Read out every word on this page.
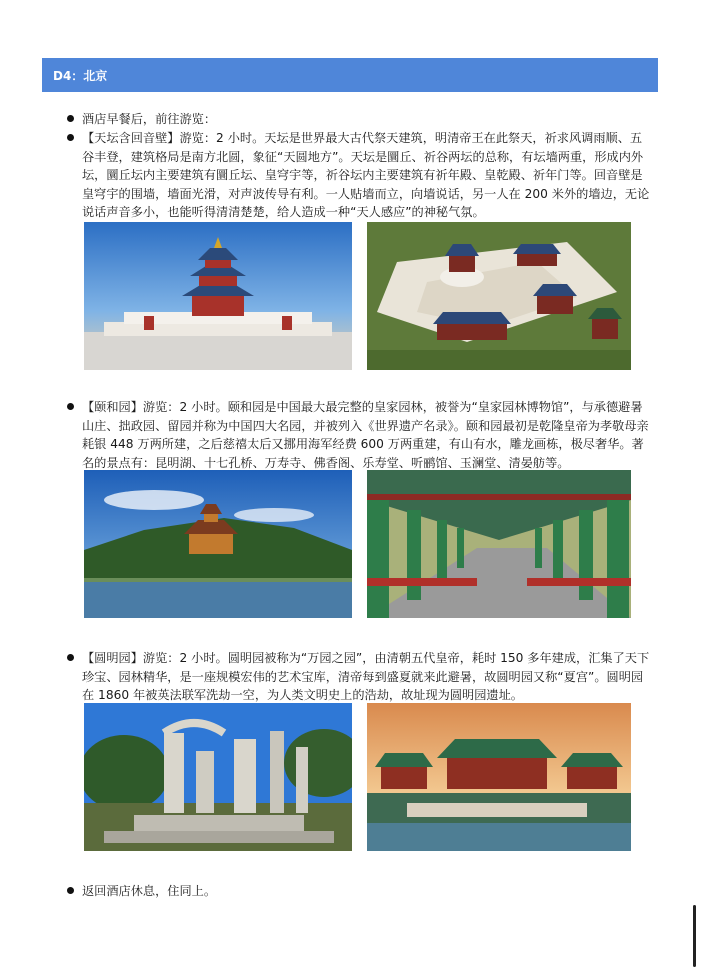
D4：北京
酒店早餐后，前往游览：
【天坛含回音壁】游览：2 小时。天坛是世界最大古代祭天建筑，明清帝王在此祭天，祈求风调雨顺、五谷丰登，建筑格局是南方北圆，象征“天圆地方”。天坛是圜丘、祈谷两坛的总称，有坛墙两重，形成内外坛，圜丘坛内主要建筑有圜丘坛、皇穹宇等，祈谷坛内主要建筑有祈年殿、皇乾殿、祈年门等。回音壁是皇穹宇的围墙，墙面光滑，对声波传导有利。一人贴墙而立，向墙说话，另一人在 200 米外的墙边，无论说话声音多小，也能听得清清楚楚，给人造成一种“天人感应”的神秘气氛。
【颐和园】游览：2 小时。颐和园是中国最大最完整的皇家园林，被誉为“皇家园林博物馆”，与承德避暑山庄、拙政园、留园并称为中国四大名园，并被列入《世界遗产名录》。颐和园最初是乾隆皇帝为孝敬母亲耗银 448 万两所建，之后慈禧太后又挪用海军经费 600 万两重建，有山有水，雕龙画栋，极尽奢华。著名的景点有：昆明湖、十七孔桥、万寿寺、佛香阁、乐寿堂、听鹂馆、玉澜堂、清晏舫等。
【圆明园】游览：2 小时。圆明园被称为“万园之园”，由清朝五代皇帝，耗时 150 多年建成，汇集了天下珍宝、园林精华，是一座规模宏伟的艺术宝库，清帝每到盛夏就来此避暑，故圆明园又称“夏宫”。圆明园在 1860 年被英法联军洗劫一空，为人类文明史上的浩劫，故址现为圆明园遗址。
返回酒店休息，住同上。
